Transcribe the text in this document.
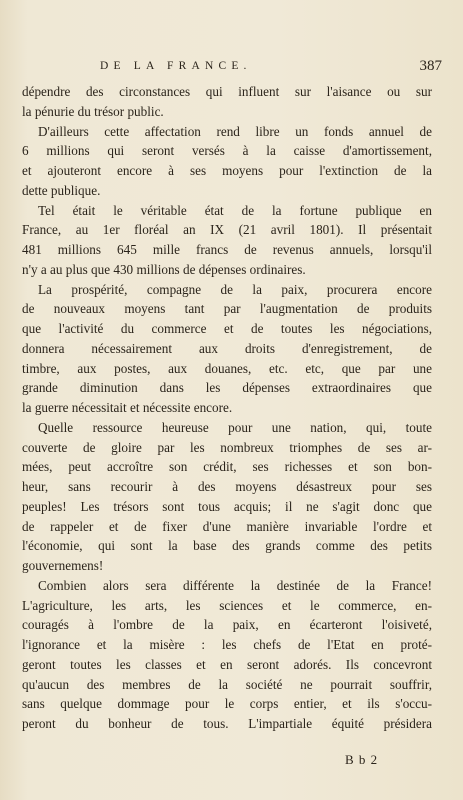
DE LA FRANCE.	387
dépendre des circonstances qui influent sur l'aisance ou sur
la pénurie du trésor public.
D'ailleurs cette affectation rend libre un fonds annuel de
6 millions qui seront versés à la caisse d'amortissement,
et ajouteront encore à ses moyens pour l'extinction de la
dette publique.
Tel était le véritable état de la fortune publique en
France, au 1er floréal an IX (21 avril 1801). Il présentait
481 millions 645 mille francs de revenus annuels, lorsqu'il
n'y a au plus que 430 millions de dépenses ordinaires.
La prospérité, compagne de la paix, procurera encore
de nouveaux moyens tant par l'augmentation de produits
que l'activité du commerce et de toutes les négociations,
donnera nécessairement aux droits d'enregistrement, de
timbre, aux postes, aux douanes, etc. etc, que par une
grande diminution dans les dépenses extraordinaires que
la guerre nécessitait et nécessite encore.
Quelle ressource heureuse pour une nation, qui, toute
couverte de gloire par les nombreux triomphes de ses ar-
mées, peut accroître son crédit, ses richesses et son bon-
heur, sans recourir à des moyens désastreux pour ses
peuples! Les trésors sont tous acquis; il ne s'agit donc que
de rappeler et de fixer d'une manière invariable l'ordre et
l'économie, qui sont la base des grands comme des petits
gouvernemens!
Combien alors sera différente la destinée de la France!
L'agriculture, les arts, les sciences et le commerce, en-
couragés à l'ombre de la paix, en écarteront l'oisiveté,
l'ignorance et la misère : les chefs de l'Etat en proté-
geront toutes les classes et en seront adorés. Ils concevront
qu'aucun des membres de la société ne pourrait souffrir,
sans quelque dommage pour le corps entier, et ils s'occu-
peront du bonheur de tous. L'impartiale équité présidera
B b 2
